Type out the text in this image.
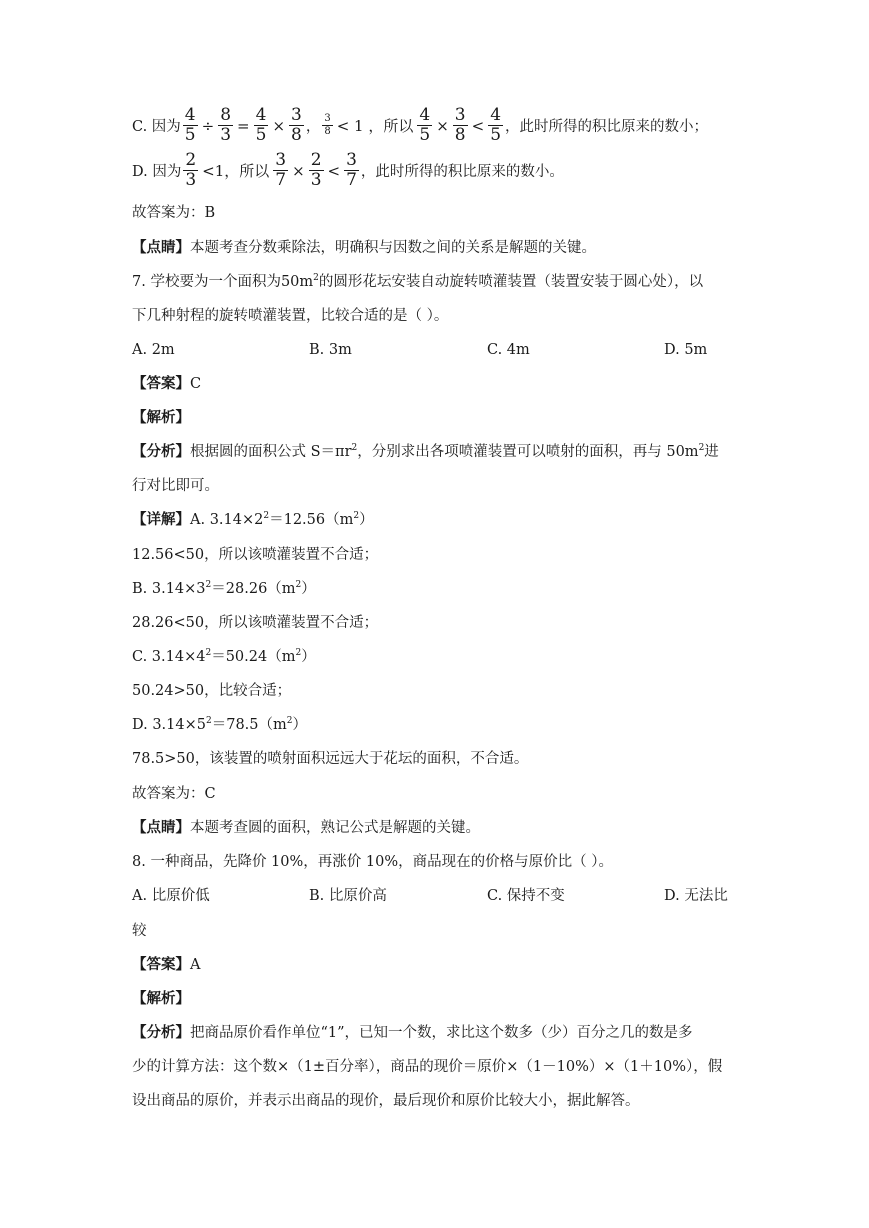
C. 因为 $\frac{4}{5} \div \frac{8}{3} = \frac{4}{5} \times \frac{3}{8}$ ， $\frac{3}{8} < 1$ ，所以 $\frac{4}{5} \times \frac{3}{8} < \frac{4}{5}$ ，此时所得的积比原来的数小；
D. 因为 $\frac{2}{3} <1$，所以 $\frac{3}{7} \times \frac{2}{3} < \frac{3}{7}$ ，此时所得的积比原来的数小。
故答案为：B
【点睛】本题考查分数乘除法，明确积与因数之间的关系是解题的关键。
7. 学校要为一个面积为$50m^2$的圆形花坛安装自动旋转喷灌装置（装置安装于圆心处），以
下几种射程的旋转喷灌装置，比较合适的是（ ）。
A. 2m	B. 3m	C. 4m	D. 5m
【答案】C
【解析】
【分析】根据圆的面积公式 $S=\pi r^2$，分别求出各项喷灌装置可以喷射的面积，再与 $50m^2$进
行对比即可。
【详解】A. $3.14\times 2^2=12.56(m^2)$
12.56<50，所以该喷灌装置不合适；
B. $3.14\times 3^2=28.26(m^2)$
28.26<50，所以该喷灌装置不合适；
C. $3.14\times 4^2=50.24(m^2)$
50.24>50，比较合适；
D. $3.14\times 5^2=78.5(m^2)$
78.5>50，该装置的喷射面积远远大于花坛的面积，不合适。
故答案为：C
【点睛】本题考查圆的面积，熟记公式是解题的关键。
8. 一种商品，先降价 10%，再涨价 10%，商品现在的价格与原价比（ ）。
A. 比原价低	B. 比原价高	C. 保持不变	D. 无法比
较
【答案】A
【解析】
【分析】把商品原价看作单位“1”，已知一个数，求比这个数多（少）百分之几的数是多
少的计算方法：这个数×（1±百分率），商品的现价＝原价×（1－10%）×（1＋10%），假
设出商品的原价，并表示出商品的现价，最后现价和原价比较大小，据此解答。
